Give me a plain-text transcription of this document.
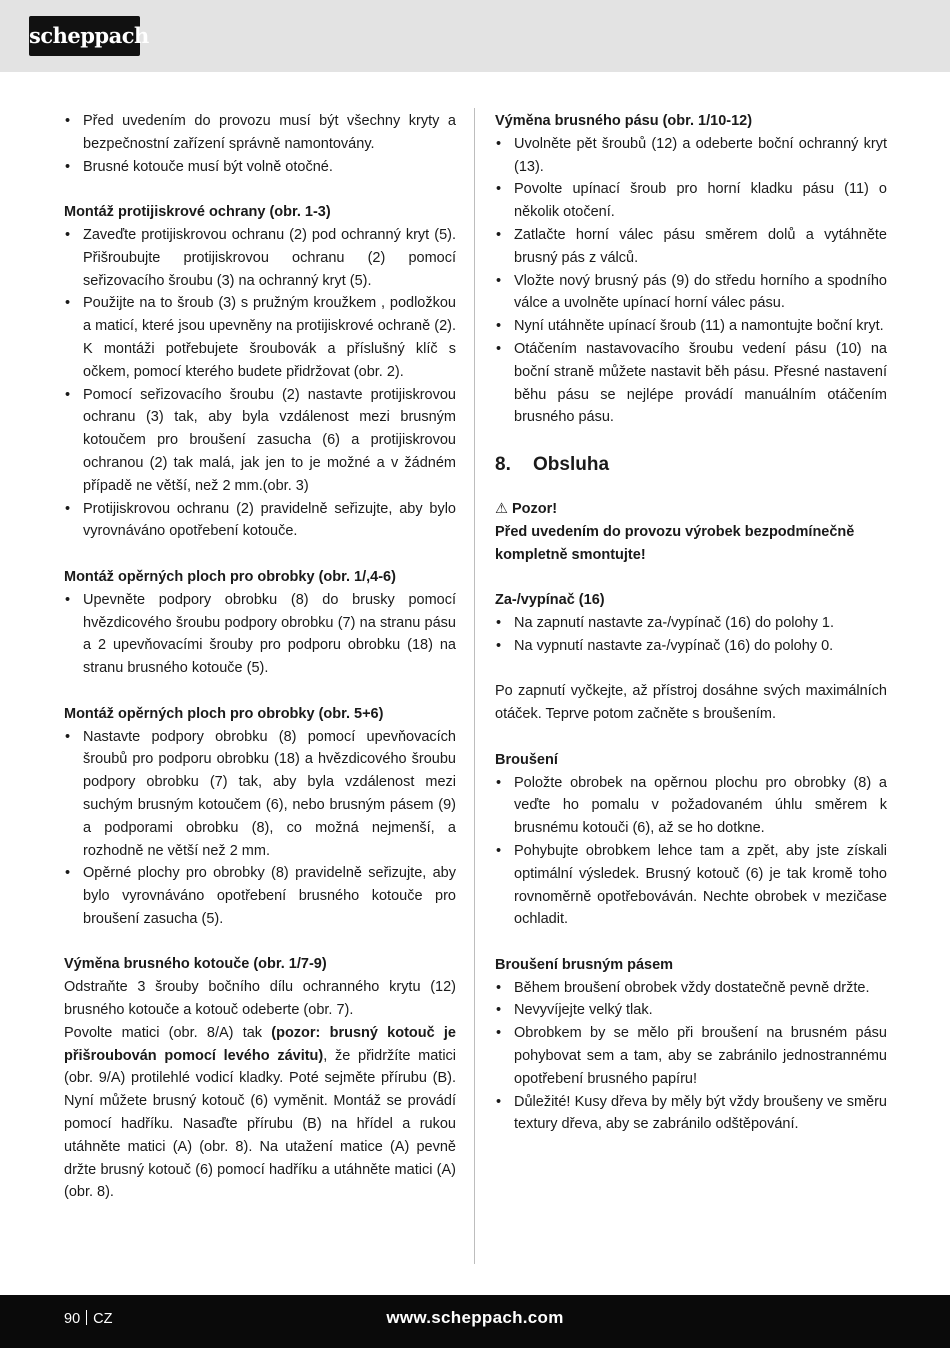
scheppach
• Před uvedením do provozu musí být všechny kryty a bezpečnostní zařízení správně namontovány.
• Brusné kotouče musí být volně otočné.
Montáž protijiskrové ochrany (obr. 1-3)
• Zaveďte protijiskrovou ochranu (2) pod ochranný kryt (5). Přišroubujte protijiskrovou ochranu (2) pomocí seřizovacího šroubu (3) na ochranný kryt (5).
• Použijte na to šroub (3) s pružným kroužkem , podložkou a maticí, které jsou upevněny na protijiskrové ochraně (2). K montáži potřebujete šroubovák a příslušný klíč s očkem, pomocí kterého budete přidržovat (obr. 2).
• Pomocí seřizovacího šroubu (2) nastavte protijiskrovou ochranu (3) tak, aby byla vzdálenost mezi brusným kotoučem pro broušení zasucha (6) a protijiskrovou ochranou (2) tak malá, jak jen to je možné a v žádném případě ne větší, než 2 mm.(obr. 3)
• Protijiskrovou ochranu (2) pravidelně seřizujte, aby bylo vyrovnáváno opotřebení kotouče.
Montáž opěrných ploch pro obrobky (obr. 1/,4-6)
• Upevněte podpory obrobku (8) do brusky pomocí hvězdicového šroubu podpory obrobku (7) na stranu pásu a 2 upevňovacími šrouby pro podporu obrobku (18) na stranu brusného kotouče (5).
Montáž opěrných ploch pro obrobky (obr. 5+6)
• Nastavte podpory obrobku (8) pomocí upevňovacích šroubů pro podporu obrobku (18) a hvězdicového šroubu podpory obrobku (7) tak, aby byla vzdálenost mezi suchým brusným kotoučem (6), nebo brusným pásem (9) a podporami obrobku (8), co možná nejmenší, a rozhodně ne větší než 2 mm.
• Opěrné plochy pro obrobky (8) pravidelně seřizujte, aby bylo vyrovnáváno opotřebení brusného kotouče pro broušení zasucha (5).
Výměna brusného kotouče (obr. 1/7-9)

Odstraňte 3 šrouby bočního dílu ochranného krytu (12) brusného kotouče a kotouč odeberte (obr. 7).

Povolte matici (obr. 8/A) tak (pozor: brusný kotouč je přišroubován pomocí levého závitu), že přidržíte matici (obr. 9/A) protilehlé vodicí kladky. Poté sejměte přírubu (B). Nyní můžete brusný kotouč (6) vyměnit. Montáž se provádí pomocí hadříku. Nasaďte přírubu (B) na hřídel a rukou utáhněte matici (A) (obr. 8). Na utažení matice (A) pevně držte brusný kotouč (6) pomocí hadříku a utáhněte matici (A) (obr. 8).

Výměna brusného pásu (obr. 1/10-12)
• Uvolněte pět šroubů (12) a odeberte boční ochranný kryt (13).
• Povolte upínací šroub pro horní kladku pásu (11) o několik otočení.
• Zatlačte horní válec pásu směrem dolů a vytáhněte brusný pás z válců.
• Vložte nový brusný pás (9) do středu horního a spodního válce a uvolněte upínací horní válec pásu.
• Nyní utáhněte upínací šroub (11) a namontujte boční kryt.
• Otáčením nastavovacího šroubu vedení pásu (10) na boční straně můžete nastavit běh pásu. Přesné nastavení běhu pásu se nejlépe provádí manuálním otáčením brusného pásu.
8. Obsluha
⚠ Pozor!
Před uvedením do provozu výrobek bezpodmínečně kompletně smontujte!
Za-/vypínač (16)
• Na zapnutí nastavte za-/vypínač (16) do polohy 1.
• Na vypnutí nastavte za-/vypínač (16) do polohy 0.

Po zapnutí vyčkejte, až přístroj dosáhne svých maximálních otáček. Teprve potom začněte s broušením.

Broušení
• Položte obrobek na opěrnou plochu pro obrobky (8) a veďte ho pomalu v požadovaném úhlu směrem k brusnému kotouči (6), až se ho dotkne.
• Pohybujte obrobkem lehce tam a zpět, aby jste získali optimální výsledek. Brusný kotouč (6) je tak kromě toho rovnoměrně opotřebováván. Nechte obrobek v mezičase ochladit.
Broušení brusným pásem
• Během broušení obrobek vždy dostatečně pevně držte.
• Nevyvíjejte velký tlak.
• Obrobkem by se mělo při broušení na brusném pásu pohybovat sem a tam, aby se zabránilo jednostrannému opotřebení brusného papíru!
• Důležité! Kusy dřeva by měly být vždy broušeny ve směru textury dřeva, aby se zabránilo odštěpování.
90 CZ	www.scheppach.com
